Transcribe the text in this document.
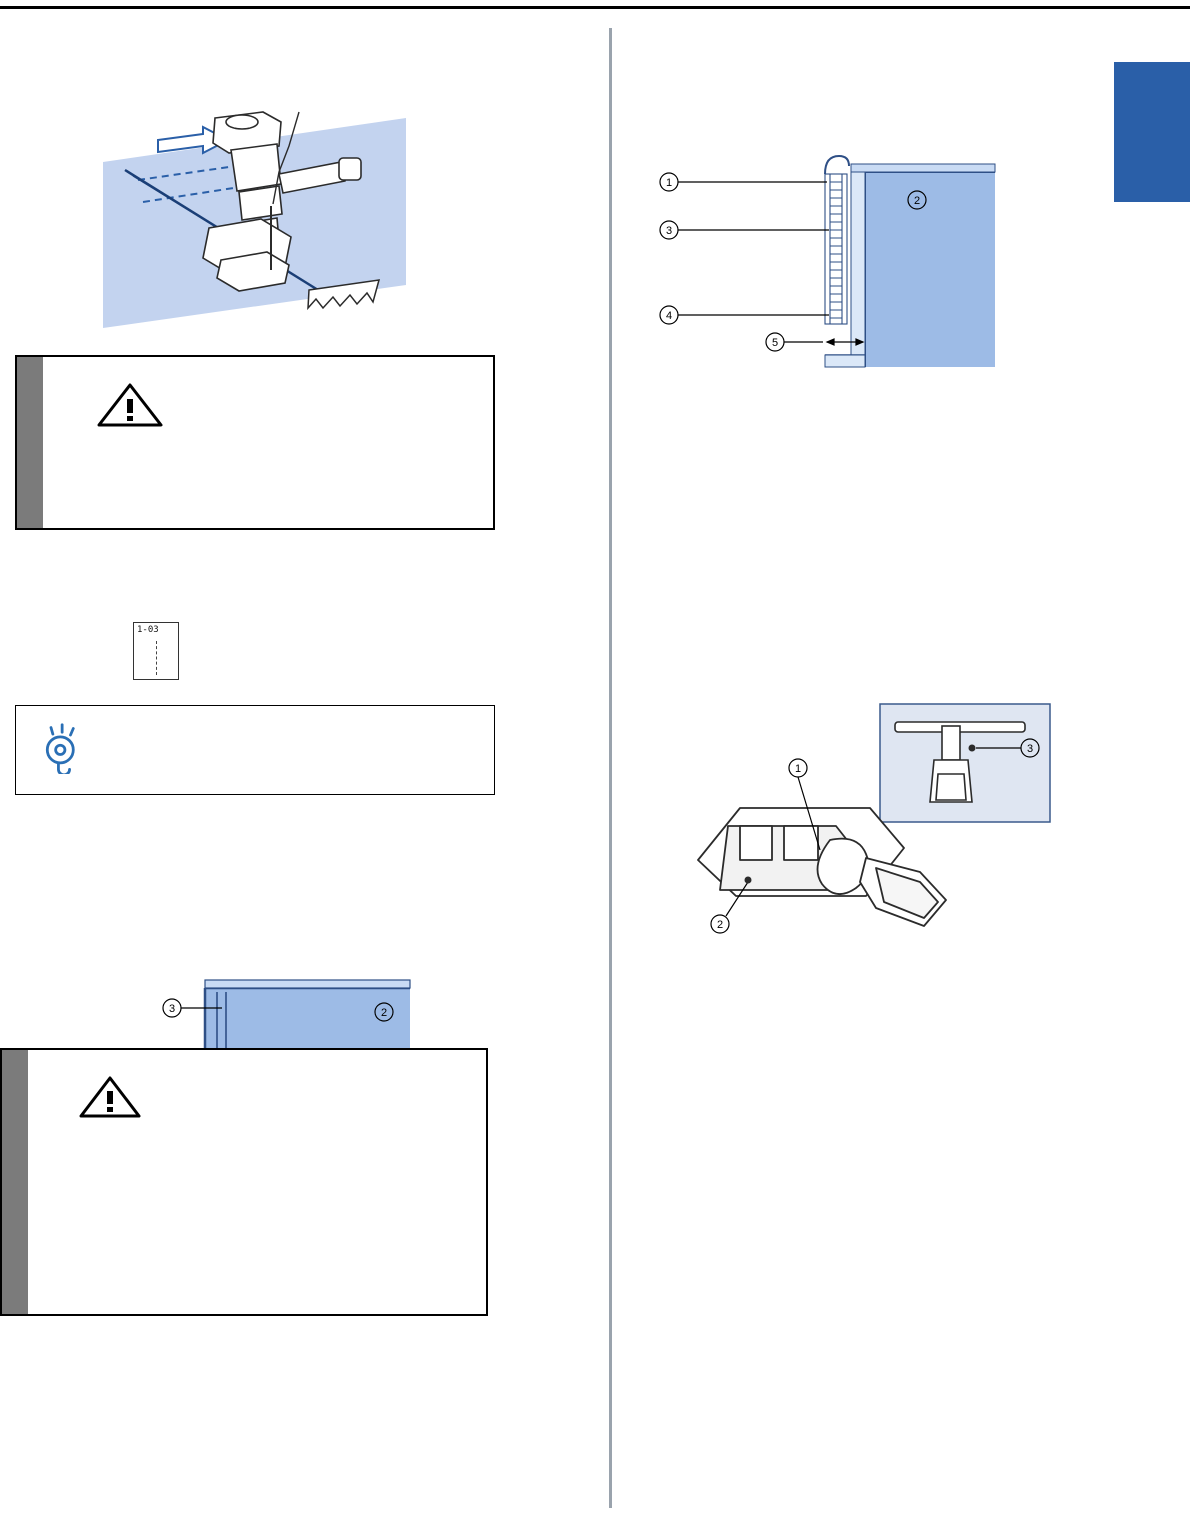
1-03
3	2
1
3
4
5
2
3
1
2
